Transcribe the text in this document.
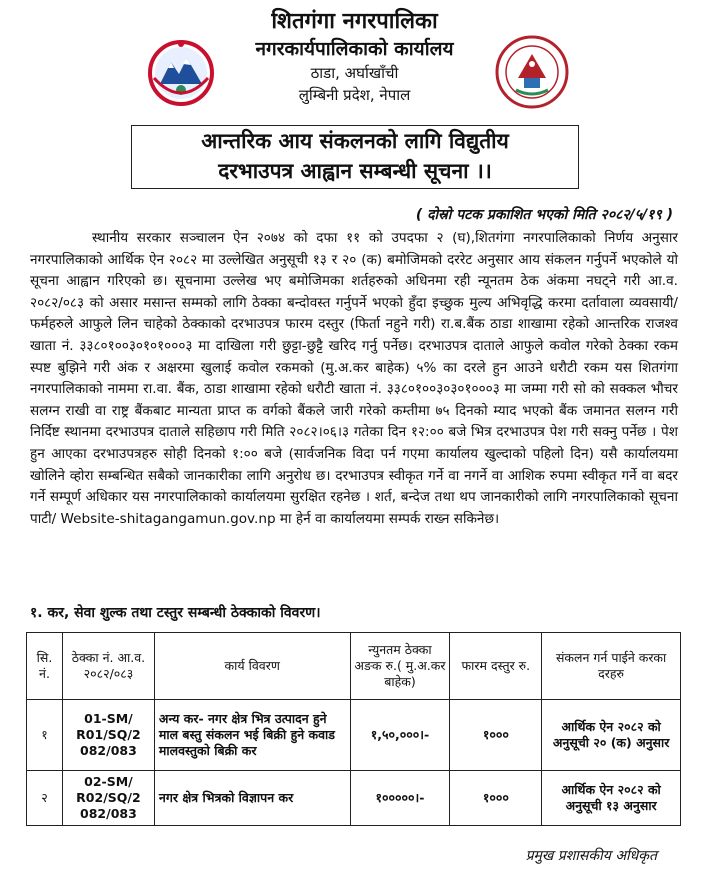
शितगंगा नगरपालिका
नगरकार्यपालिकाको कार्यालय
ठाडा, अर्घाखाँची
लुम्बिनी प्रदेश, नेपाल
आन्तरिक आय संकलनको लागि विद्युतीय
दरभाउपत्र आह्वान सम्बन्धी सूचना ।।
( दोस्रो पटक प्रकाशित भएको मिति २०८२/५/१९ )
स्थानीय सरकार सञ्चालन ऐन २०७४ को दफा ११ को उपदफा २ (घ),शितगंगा नगरपालिकाको निर्णय अनुसार नगरपालिकाको आर्थिक ऐन २०८२ मा उल्लेखित अनुसूची १३ र २० (क) बमोजिमको दररेट अनुसार आय संकलन गर्नुपर्ने भएकोले यो सूचना आह्वान गरिएको छ। सूचनामा उल्लेख भए बमोजिमका शर्तहरुको अधिनमा रही न्यूनतम ठेक अंकमा नघट्ने गरी आ.व. २०८२/०८३ को असार मसान्त सम्मको लागि ठेक्का बन्दोवस्त गर्नुपर्ने भएको हुँदा इच्छुक मुल्य अभिवृद्धि करमा दर्तावाला व्यवसायी/फर्महरुले आफुले लिन चाहेको ठेक्काको दरभाउपत्र फारम दस्तुर (फिर्ता नहुने गरी) रा.ब.बैंक ठाडा शाखामा रहेको आन्तरिक राजश्व खाता नं. ३३८०१००३०१०१०००३ मा दाखिला गरी छुट्टा-छुट्टै खरिद गर्नु पर्नेछ। दरभाउपत्र दाताले आफुले कवोल गरेको ठेक्का रकम स्पष्ट बुझिने गरी अंक र अक्षरमा खुलाई कवोल रकमको (मु.अ.कर बाहेक) ५% का दरले हुन आउने धरौटी रकम यस शितगंगा नगरपालिकाको नाममा रा.वा. बैंक, ठाडा शाखामा रहेको धरौटी खाता नं. ३३८०१००३०३०१०००३ मा जम्मा गरी सो को सक्कल भौचर सलग्न राखी वा राष्ट्र बैंकबाट मान्यता प्राप्त क वर्गको बैंकले जारी गरेको कम्तीमा ७५ दिनको म्याद भएको बैंक जमानत सलग्न गरी निर्दिष्ट स्थानमा दरभाउपत्र दाताले सहिछाप गरी मिति २०८२।०६।३ गतेका दिन १२:०० बजे भित्र दरभाउपत्र पेश गरी सक्नु पर्नेछ । पेश हुन आएका दरभाउपत्रहरु सोही दिनको १:०० बजे (सार्वजनिक विदा पर्न गएमा कार्यालय खुल्दाको पहिलो दिन) यसै कार्यालयमा खोलिने व्होरा सम्बन्धित सबैको जानकारीका लागि अनुरोध छ। दरभाउपत्र स्वीकृत गर्ने वा नगर्ने वा आशिक रुपमा स्वीकृत गर्ने वा बदर गर्ने सम्पूर्ण अधिकार यस नगरपालिकाको कार्यालयमा सुरक्षित रहनेछ । शर्त, बन्देज तथा थप जानकारीको लागि नगरपालिकाको सूचना पाटी/ Website-shitagangamun.gov.np मा हेर्न वा कार्यालयमा सम्पर्क राख्न सकिनेछ।
१. कर, सेवा शुल्क तथा टस्तुर सम्बन्धी ठेक्काको विवरण।
सि. नं.	ठेक्का नं. आ.व. २०८२/०८३	कार्य विवरण	न्युनतम ठेक्का अङक रु.( मु.अ.कर बाहेक)	फारम दस्तुर रु.	संकलन गर्न पाईने करका दरहरु
१	01-SM/ R01/SQ/2 082/083	अन्य कर- नगर क्षेत्र भित्र उत्पादन हुने माल बस्तु संकलन भई बिक्री हुने कवाड मालवस्तुको बिक्री कर	१,५०,०००।-	१०००	आर्थिक ऐन २०८२ को अनुसूची २० (क) अनुसार
२	02-SM/ R02/SQ/2 082/083	नगर क्षेत्र भित्रको विज्ञापन कर	१०००००।-	१०००	आर्थिक ऐन २०८२ को अनुसूची १३ अनुसार
प्रमुख प्रशासकीय अधिकृत
